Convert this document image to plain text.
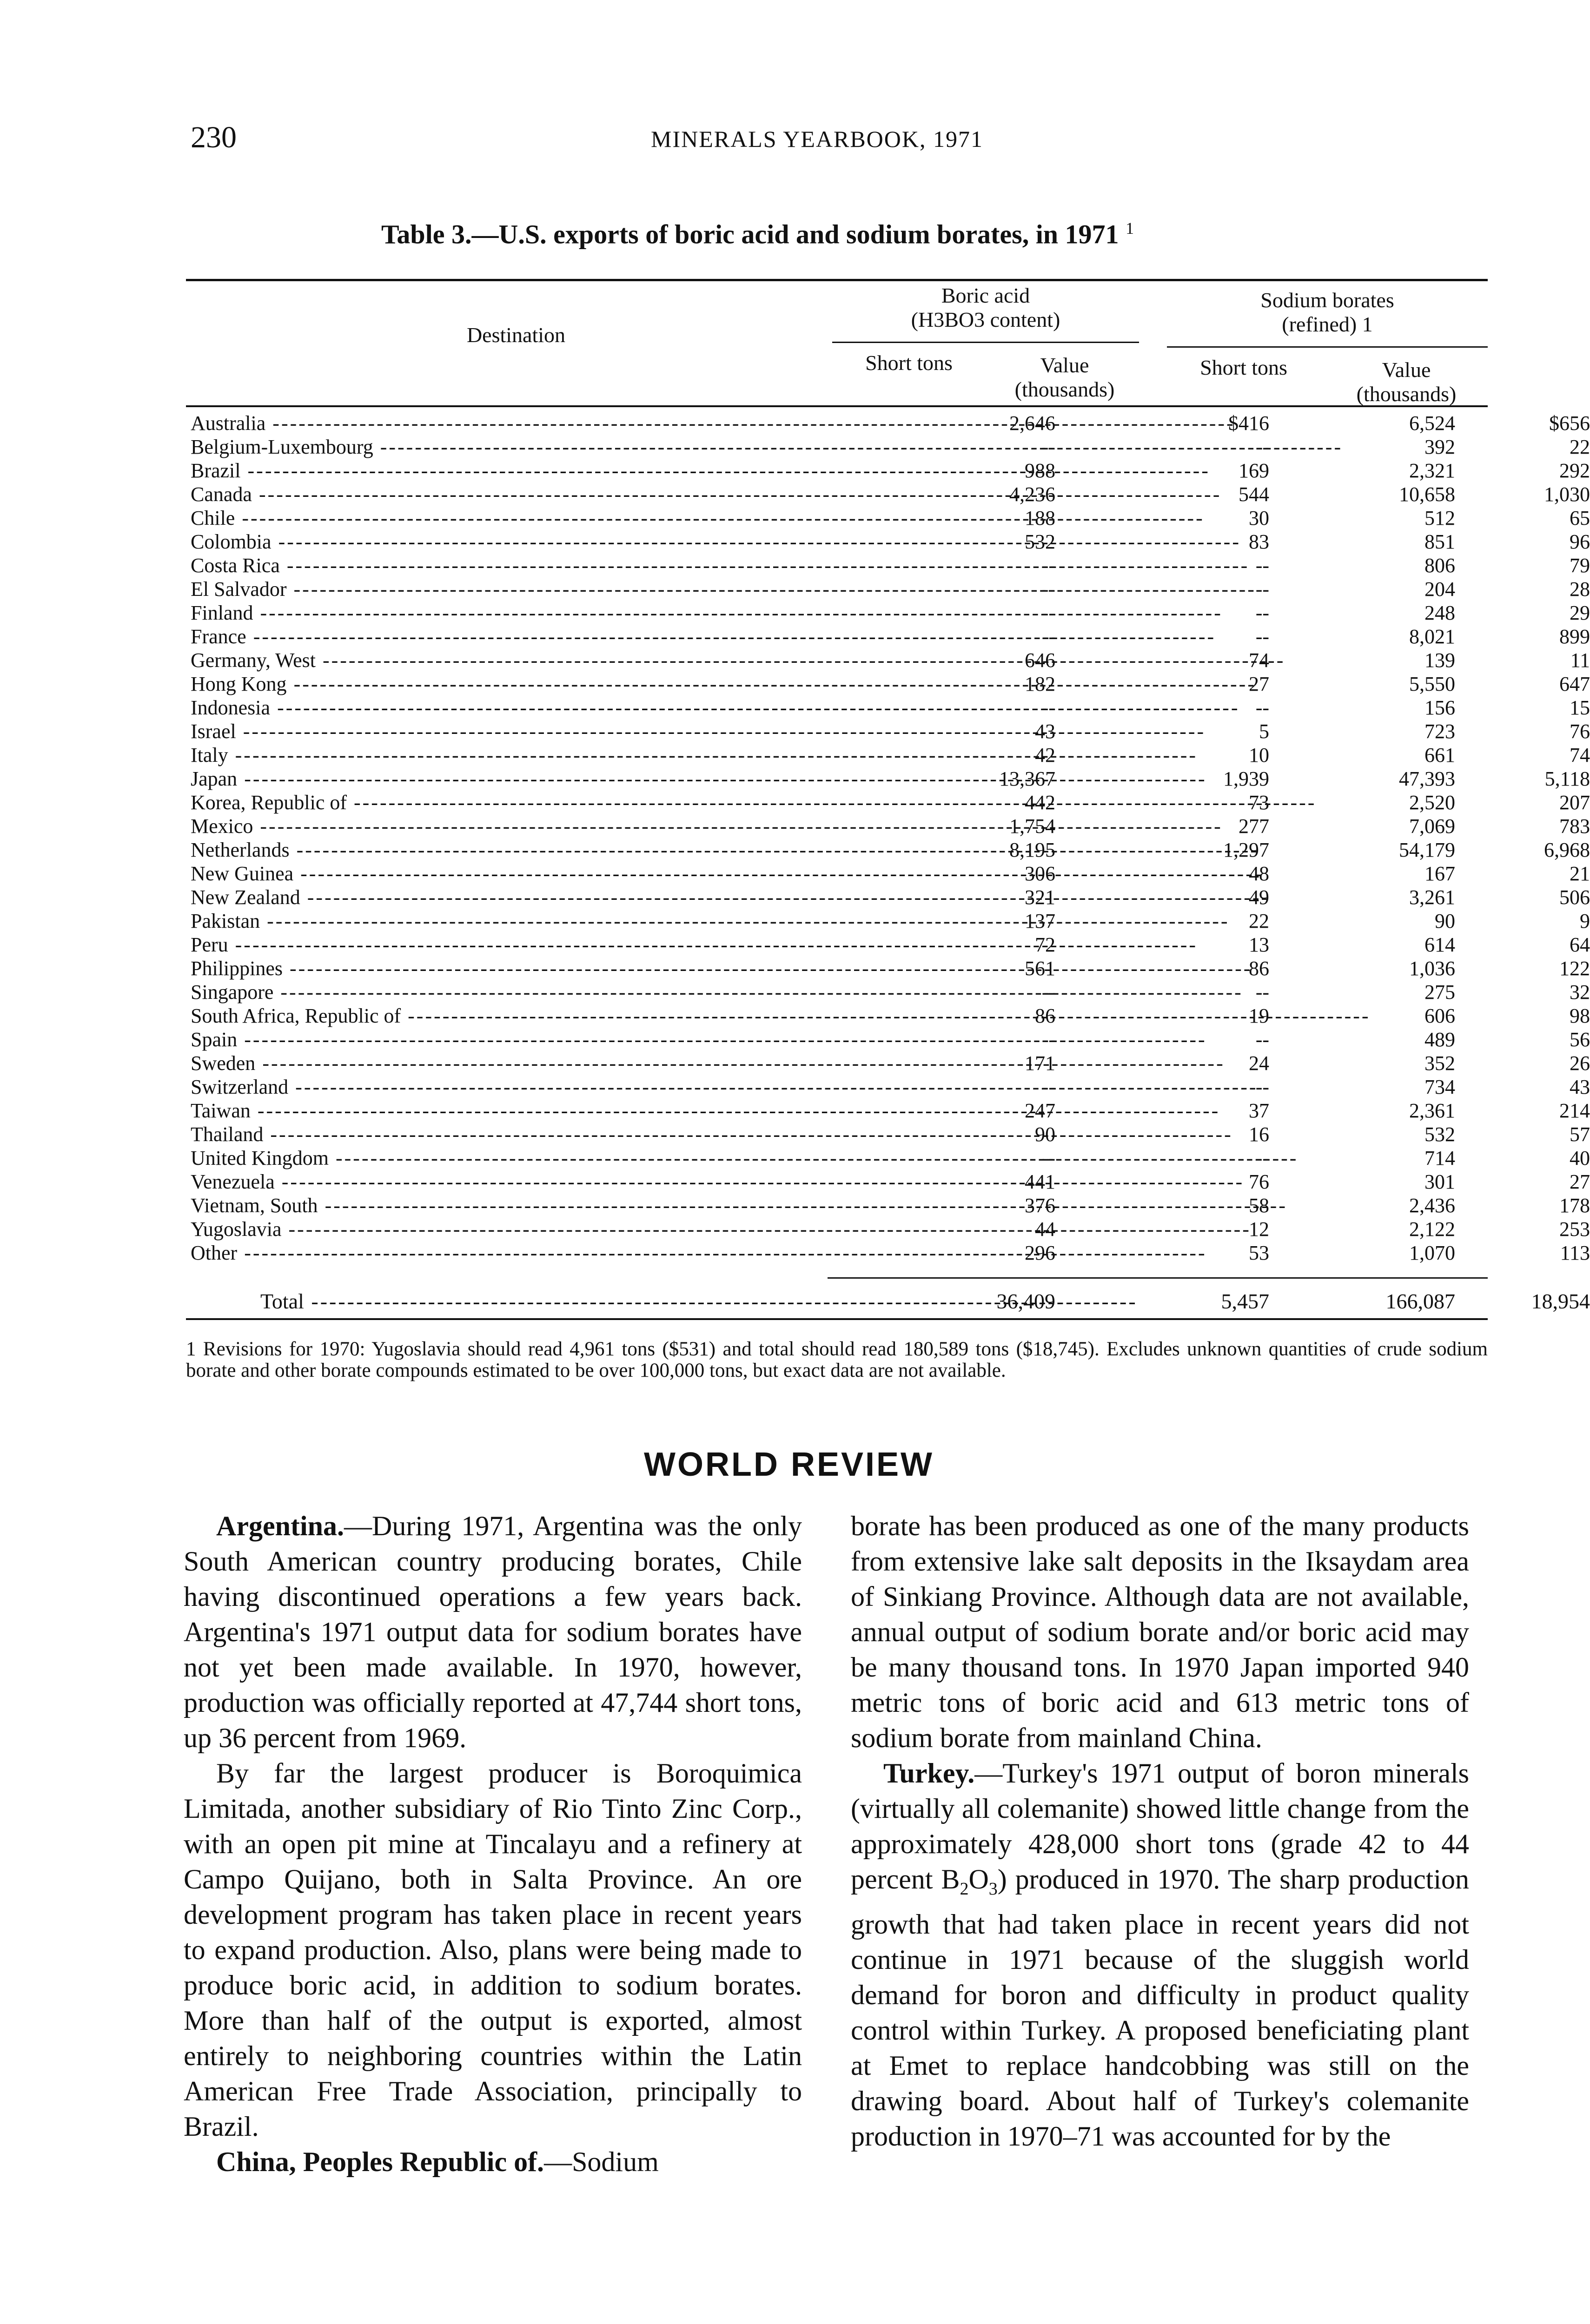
230	MINERALS YEARBOOK, 1971
Table 3.—U.S. exports of boric acid and sodium borates, in 1971 $^1$
Destination
Boric acid
(H3BO3 content)
Sodium borates
(refined) 1
Short tons	Value
(thousands)
Short tons	Value
(thousands)
Australia -----	2,646	$416	6,524	$656
Belgium-Luxembourg -----	--	--	392	22
Brazil -----	988	169	2,321	292
Canada -----	4,236	544	10,658	1,030
Chile -----	188	30	512	65
Colombia -----	532	83	851	96
Costa Rica -----	--	--	806	79
El Salvador -----	--	--	204	28
Finland -----	--	--	248	29
France -----	--	--	8,021	899
Germany, West -----	646	74	139	11
Hong Kong -----	182	27	5,550	647
Indonesia -----	--	--	156	15
Israel -----	43	5	723	76
Italy -----	42	10	661	74
Japan -----	13,367	1,939	47,393	5,118
Korea, Republic of -----	442	73	2,520	207
Mexico -----	1,754	277	7,069	783
Netherlands -----	8,195	1,297	54,179	6,968
New Guinea -----	306	48	167	21
New Zealand -----	321	49	3,261	506
Pakistan -----	137	22	90	9
Peru -----	72	13	614	64
Philippines -----	561	86	1,036	122
Singapore -----	--	--	275	32
South Africa, Republic of -----	86	19	606	98
Spain -----	--	--	489	56
Sweden -----	171	24	352	26
Switzerland -----	--	--	734	43
Taiwan -----	247	37	2,361	214
Thailand -----	90	16	532	57
United Kingdom -----	--	--	714	40
Venezuela -----	441	76	301	27
Vietnam, South -----	376	58	2,436	178
Yugoslavia -----	44	12	2,122	253
Other -----	296	53	1,070	113
Total -----	36,409	5,457	166,087	18,954
1 Revisions for 1970: Yugoslavia should read 4,961 tons ($531) and total should read 180,589 tons ($18,745). Excludes unknown quantities of crude sodium borate and other borate compounds estimated to be over 100,000 tons, but exact data are not available.
WORLD REVIEW

Argentina.—During 1971, Argentina was the only South American country producing borates, Chile having discontinued operations a few years back. Argentina's 1971 output data for sodium borates have not yet been made available. In 1970, however, production was officially reported at 47,744 short tons, up 36 percent from 1969.

By far the largest producer is Boroquimica Limitada, another subsidiary of Rio Tinto Zinc Corp., with an open pit mine at Tincalayu and a refinery at Campo Quijano, both in Salta Province. An ore development program has taken place in recent years to expand production. Also, plans were being made to produce boric acid, in addition to sodium borates. More than half of the output is exported, almost entirely to neighboring countries within the Latin American Free Trade Association, principally to Brazil.

China, Peoples Republic of.—Sodium

borate has been produced as one of the many products from extensive lake salt deposits in the Iksaydam area of Sinkiang Province. Although data are not available, annual output of sodium borate and/or boric acid may be many thousand tons. In 1970 Japan imported 940 metric tons of boric acid and 613 metric tons of sodium borate from mainland China.

Turkey.—Turkey's 1971 output of boron minerals (virtually all colemanite) showed little change from the approximately 428,000 short tons (grade 42 to 44 percent $B_2O_3$) produced in 1970. The sharp production growth that had taken place in recent years did not continue in 1971 because of the sluggish world demand for boron and difficulty in product quality control within Turkey. A proposed beneficiating plant at Emet to replace handcobbing was still on the drawing board. About half of Turkey's colemanite production in 1970–71 was accounted for by the
